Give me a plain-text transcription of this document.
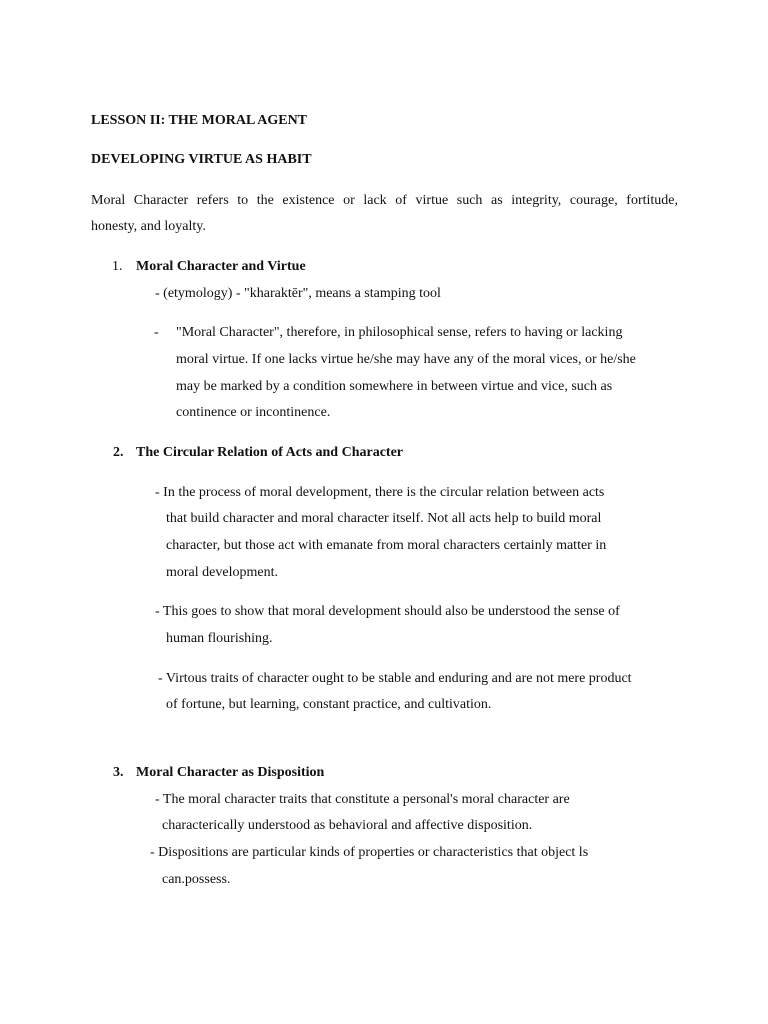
LESSON II: THE MORAL AGENT
DEVELOPING VIRTUE AS HABIT
Moral Character refers to the existence or lack of virtue such as integrity, courage, fortitude,
honesty, and loyalty.
1. Moral Character and Virtue
- (etymology) - "kharaktēr", means a stamping tool
- "Moral Character", therefore, in philosophical sense, refers to having or lacking
moral virtue. If one lacks virtue he/she may have any of the moral vices, or he/she
may be marked by a condition somewhere in between virtue and vice, such as
continence or incontinence.
2. The Circular Relation of Acts and Character
- In the process of moral development, there is the circular relation between acts
that build character and moral character itself. Not all acts help to build moral
character, but those act with emanate from moral characters certainly matter in
moral development.
- This goes to show that moral development should also be understood the sense of
human flourishing.
- Virtous traits of character ought to be stable and enduring and are not mere product
of fortune, but learning, constant practice, and cultivation.
3. Moral Character as Disposition
- The moral character traits that constitute a personal's moral character are
characterically understood as behavioral and affective disposition.
- Dispositions are particular kinds of properties or characteristics that object ls
can.possess.
